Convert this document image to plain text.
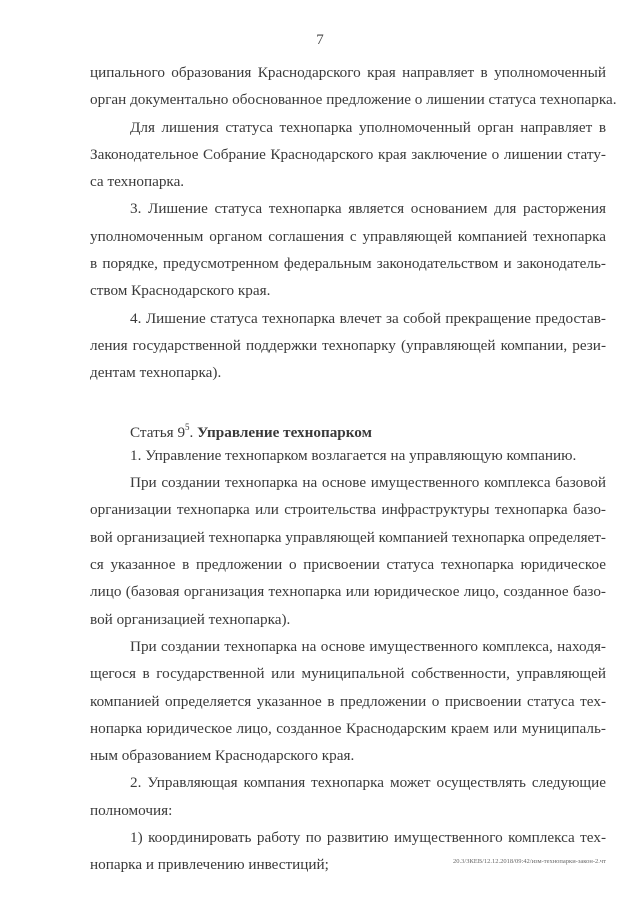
7
ципального образования Краснодарского края направляет в уполномоченный
орган документально обоснованное предложение о лишении статуса технопарка.
Для лишения статуса технопарка уполномоченный орган направляет в
Законодательное Собрание Краснодарского края заключение о лишении стату-
са технопарка.
3. Лишение статуса технопарка является основанием для расторжения
уполномоченным органом соглашения с управляющей компанией технопарка
в порядке, предусмотренном федеральным законодательством и законодатель-
ством Краснодарского края.
4. Лишение статуса технопарка влечет за собой прекращение предостав-
ления государственной поддержки технопарку (управляющей компании, рези-
дентам технопарка).
Статья $9^5$. Управление технопарком
1. Управление технопарком возлагается на управляющую компанию.
При создании технопарка на основе имущественного комплекса базовой
организации технопарка или строительства инфраструктуры технопарка базо-
вой организацией технопарка управляющей компанией технопарка определяет-
ся указанное в предложении о присвоении статуса технопарка юридическое
лицо (базовая организация технопарка или юридическое лицо, созданное базо-
вой организацией технопарка).
При создании технопарка на основе имущественного комплекса, находя-
щегося в государственной или муниципальной собственности, управляющей
компанией определяется указанное в предложении о присвоении статуса тех-
нопарка юридическое лицо, созданное Краснодарским краем или муниципаль-
ным образованием Краснодарского края.
2. Управляющая компания технопарка может осуществлять следующие
полномочия:
1) координировать работу по развитию имущественного комплекса тех-
нопарка и привлечению инвестиций;	20.3/ЗКЕВ/12.12.2018/09:42/изм-технопарки-закон-2.чт
